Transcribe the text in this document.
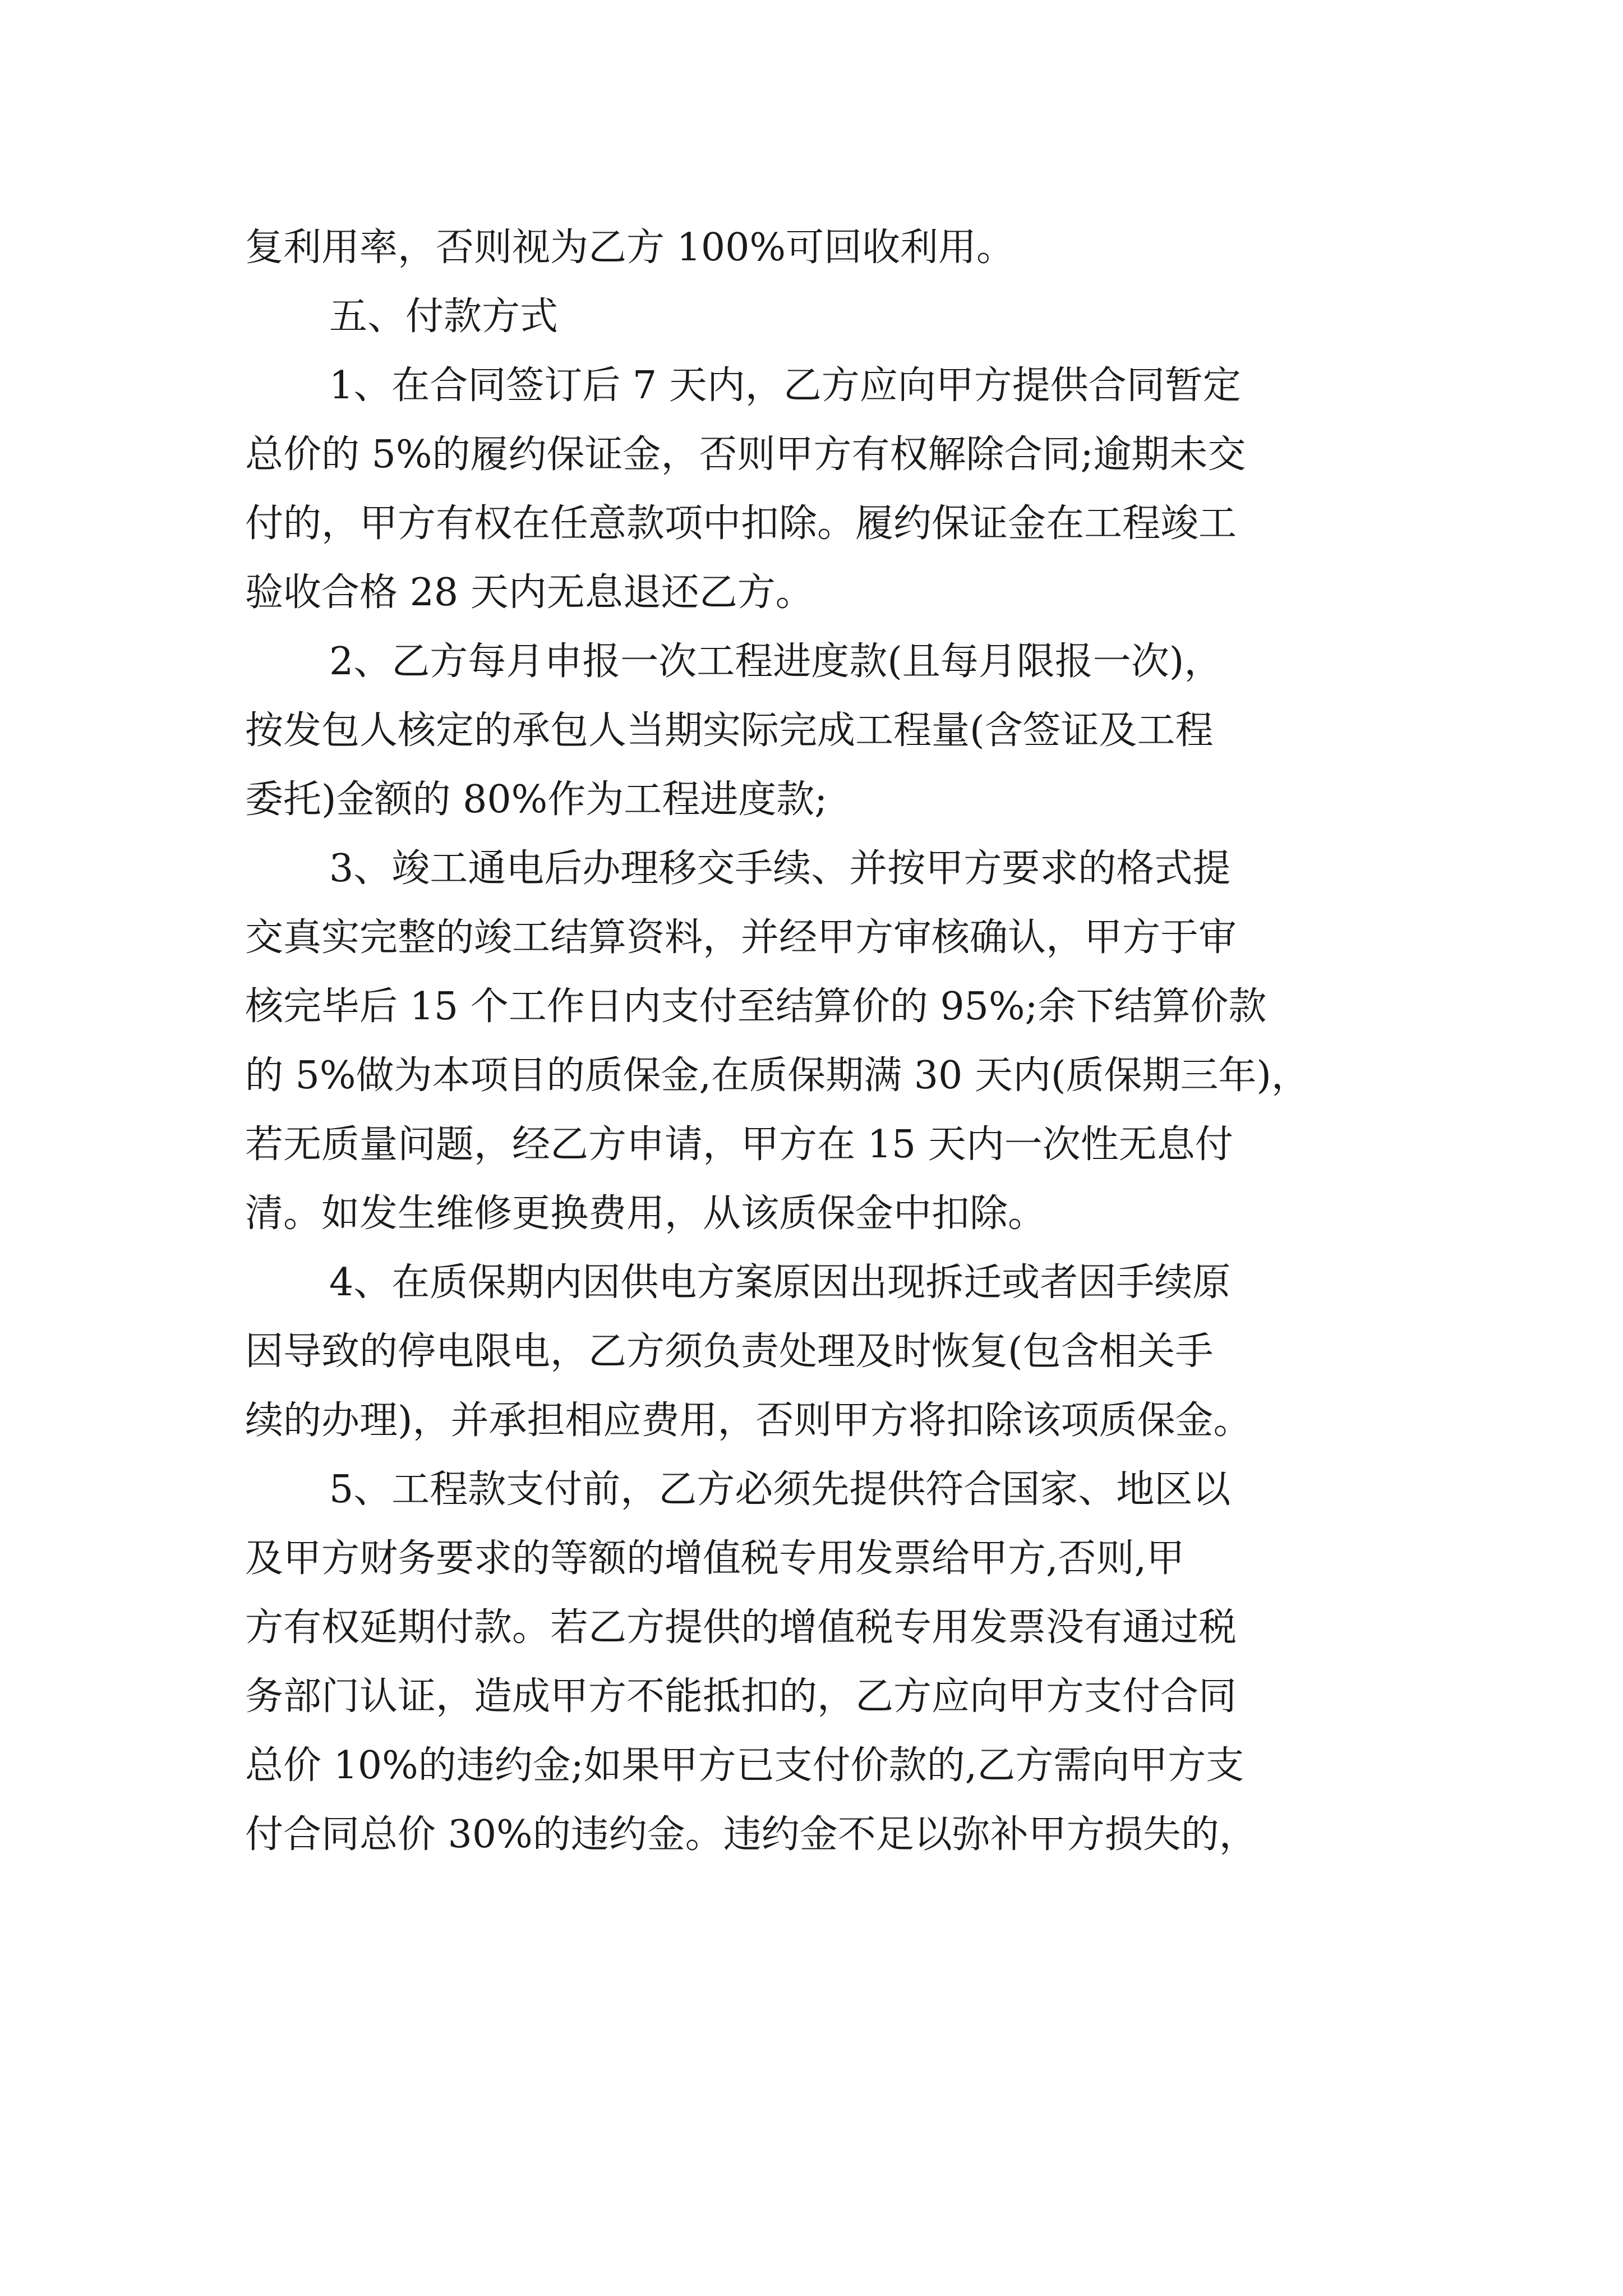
复利用率，否则视为乙方 100%可回收利用。
五、付款方式
1、在合同签订后 7 天内，乙方应向甲方提供合同暂定
总价的 5%的履约保证金，否则甲方有权解除合同;逾期未交
付的，甲方有权在任意款项中扣除。履约保证金在工程竣工
验收合格 28 天内无息退还乙方。
2、乙方每月申报一次工程进度款(且每月限报一次)，
按发包人核定的承包人当期实际完成工程量(含签证及工程
委托)金额的 80%作为工程进度款;
3、竣工通电后办理移交手续、并按甲方要求的格式提
交真实完整的竣工结算资料，并经甲方审核确认，甲方于审
核完毕后 15 个工作日内支付至结算价的 95%;余下结算价款
的 5%做为本项目的质保金,在质保期满 30 天内(质保期三年)，
若无质量问题，经乙方申请，甲方在 15 天内一次性无息付
清。如发生维修更换费用，从该质保金中扣除。
4、在质保期内因供电方案原因出现拆迁或者因手续原
因导致的停电限电，乙方须负责处理及时恢复(包含相关手
续的办理)，并承担相应费用，否则甲方将扣除该项质保金。
5、工程款支付前，乙方必须先提供符合国家、地区以
及甲方财务要求的等额的增值税专用发票给甲方,否则,甲
方有权延期付款。若乙方提供的增值税专用发票没有通过税
务部门认证，造成甲方不能抵扣的，乙方应向甲方支付合同
总价 10%的违约金;如果甲方已支付价款的,乙方需向甲方支
付合同总价 30%的违约金。违约金不足以弥补甲方损失的，
